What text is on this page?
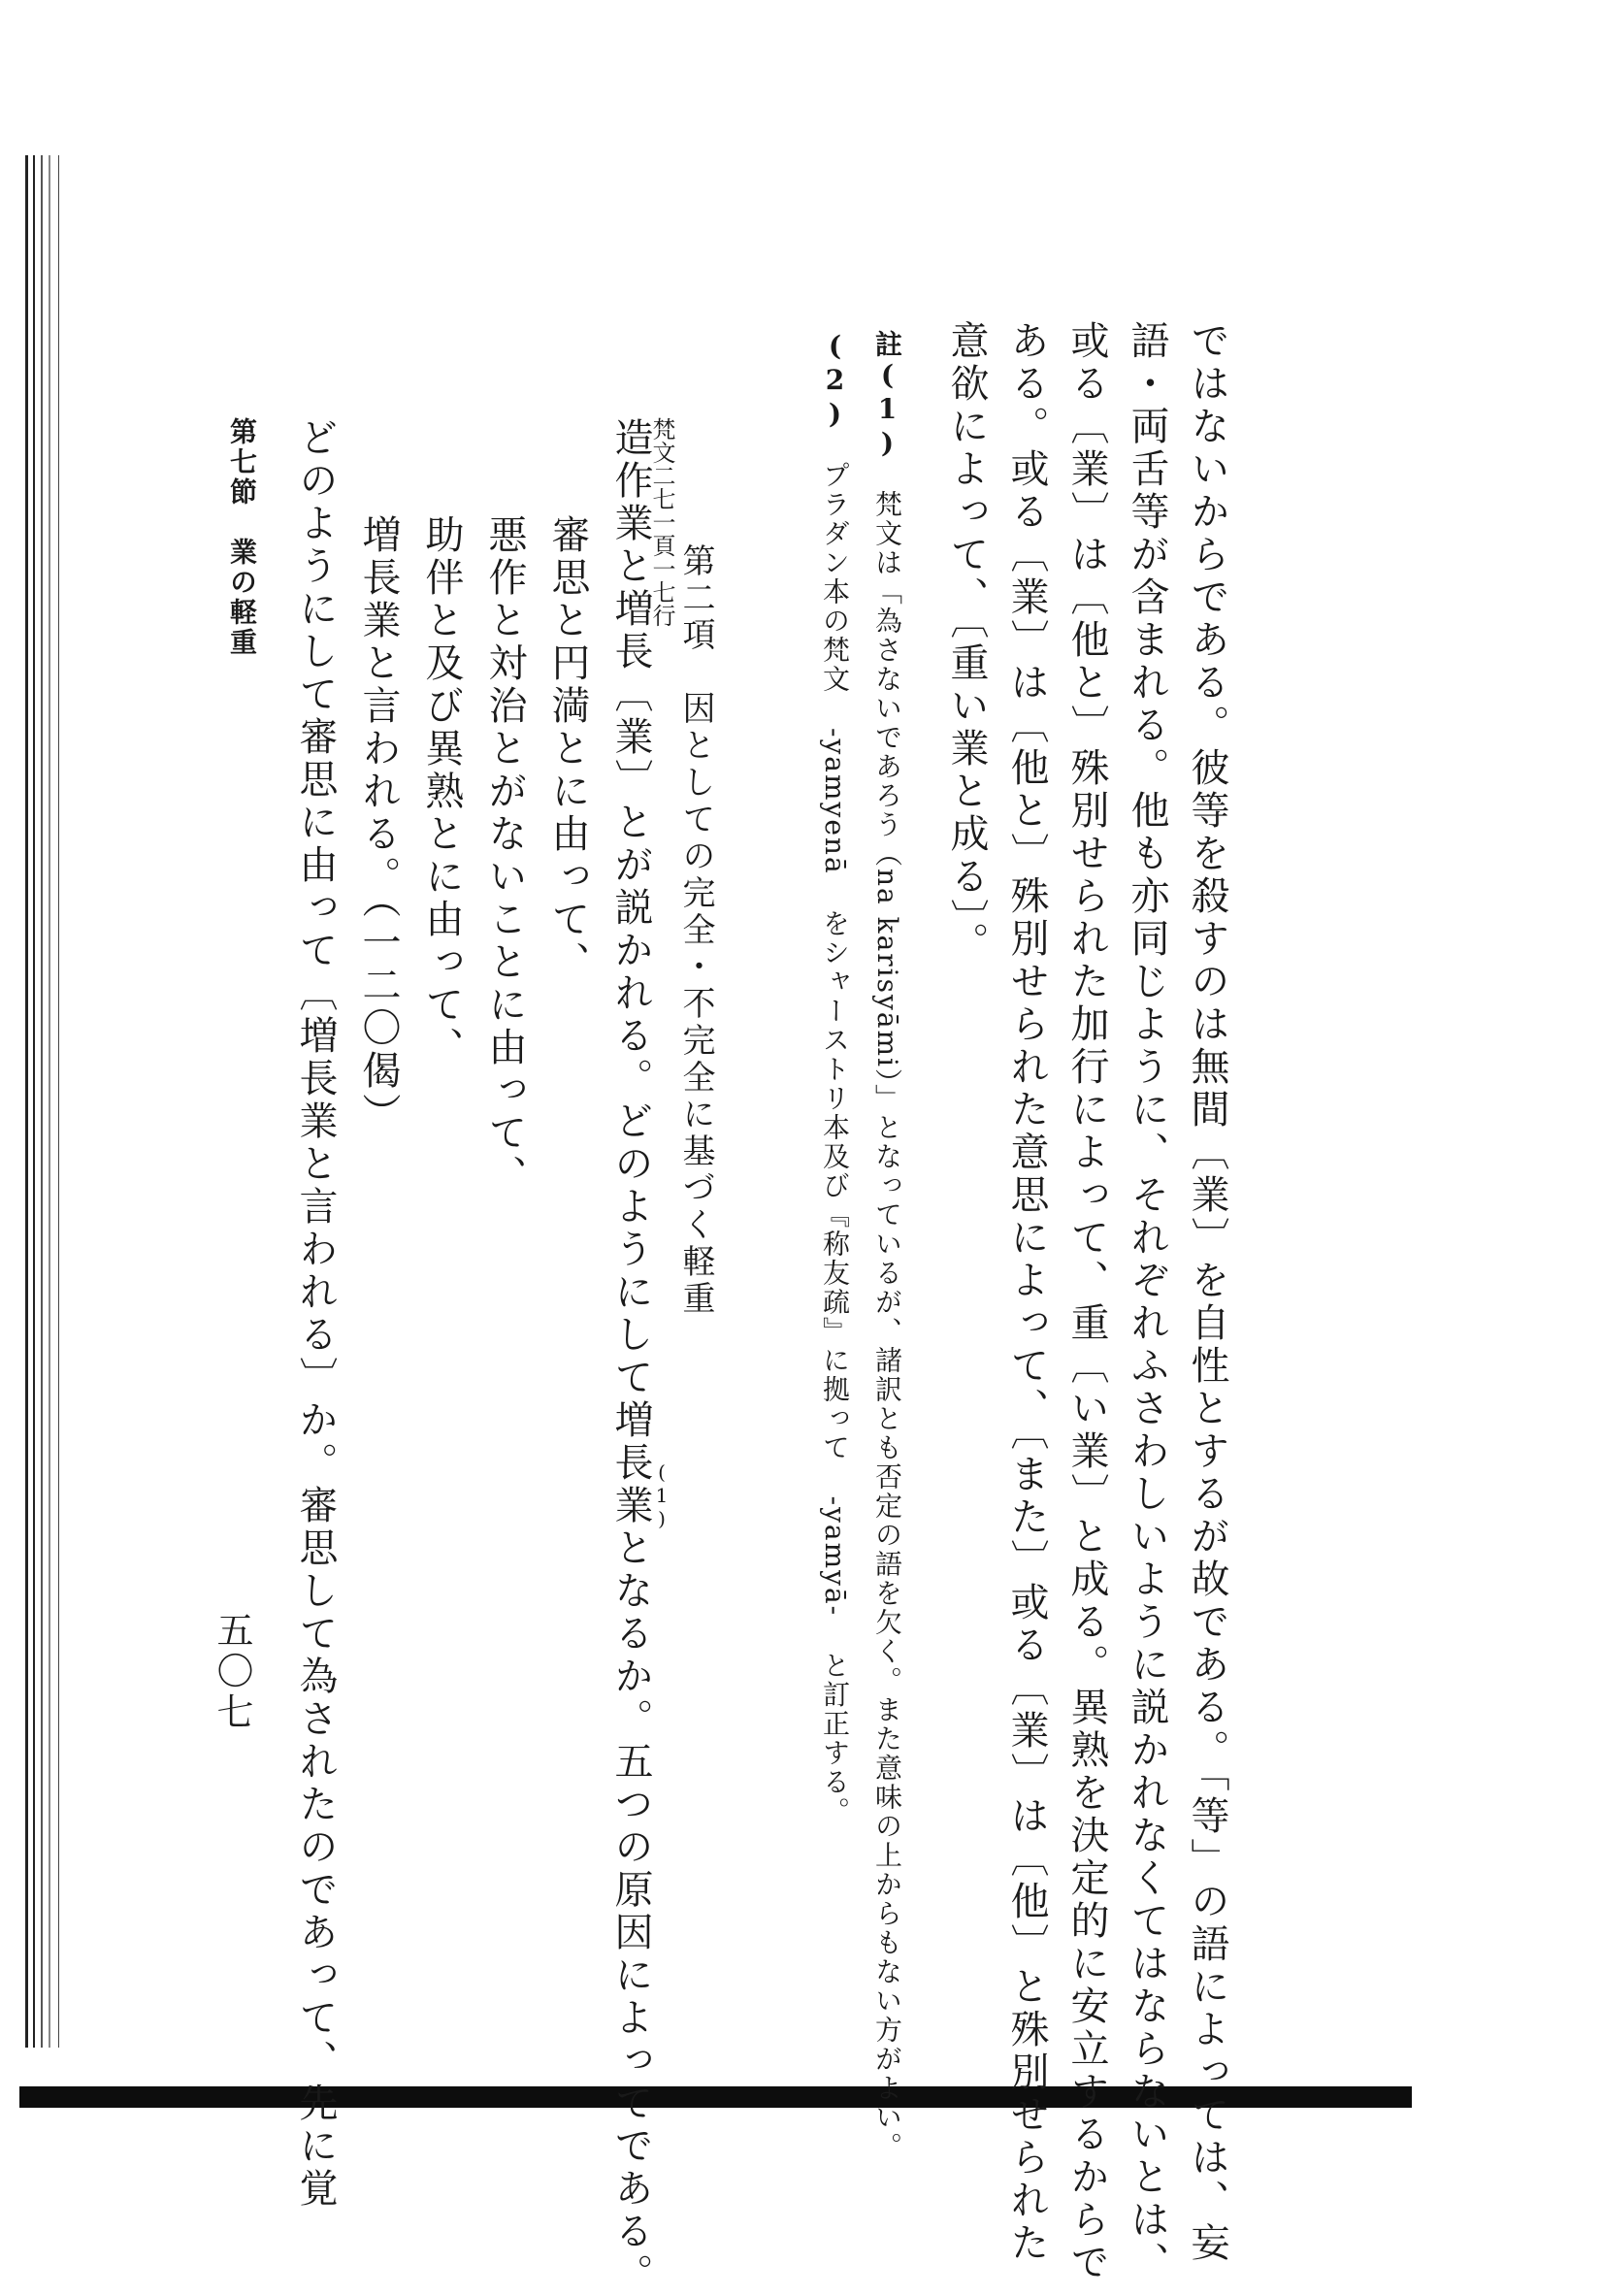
ではないからである。彼等を殺すのは無間〔業〕を自性とするが故である。「等」の語によっては、妄
語・両舌等が含まれる。他も亦同じように、それぞれふさわしいように説かれなくてはならないとは、
或る〔業〕は〔他と〕殊別せられた加行によって、重〔い業〕と成る。異熟を決定的に安立するからで
ある。或る〔業〕は〔他と〕殊別せられた意思によって、〔また〕或る〔業〕は〔他〕と殊別せられた
意欲によって、〔重い業と成る〕。
註(1)　梵文は「為さないであろう（na karisyāmi）」となっているが、諸訳とも否定の語を欠く。また意味の上からもない方がよい。
(2)　プラダン本の梵文 -yamyenā をシャーストリ本及び『称友疏』に拠って -yamyā- と訂正する。
第二項　因としての完全・不完全に基づく軽重
梵文二七一頁一七行
造作業と増長〔業〕とが説かれる。どのようにして増長業となるか。五つの原因によってである。
(1)
審思と円満とに由って、
悪作と対治とがないことに由って、
助伴と及び異熟とに由って、
増長業と言われる。（一二〇偈）
どのようにして審思に由って〔増長業と言われる〕か。審思して為されたのであって、先に覚
第七節　業の軽重
五〇七
